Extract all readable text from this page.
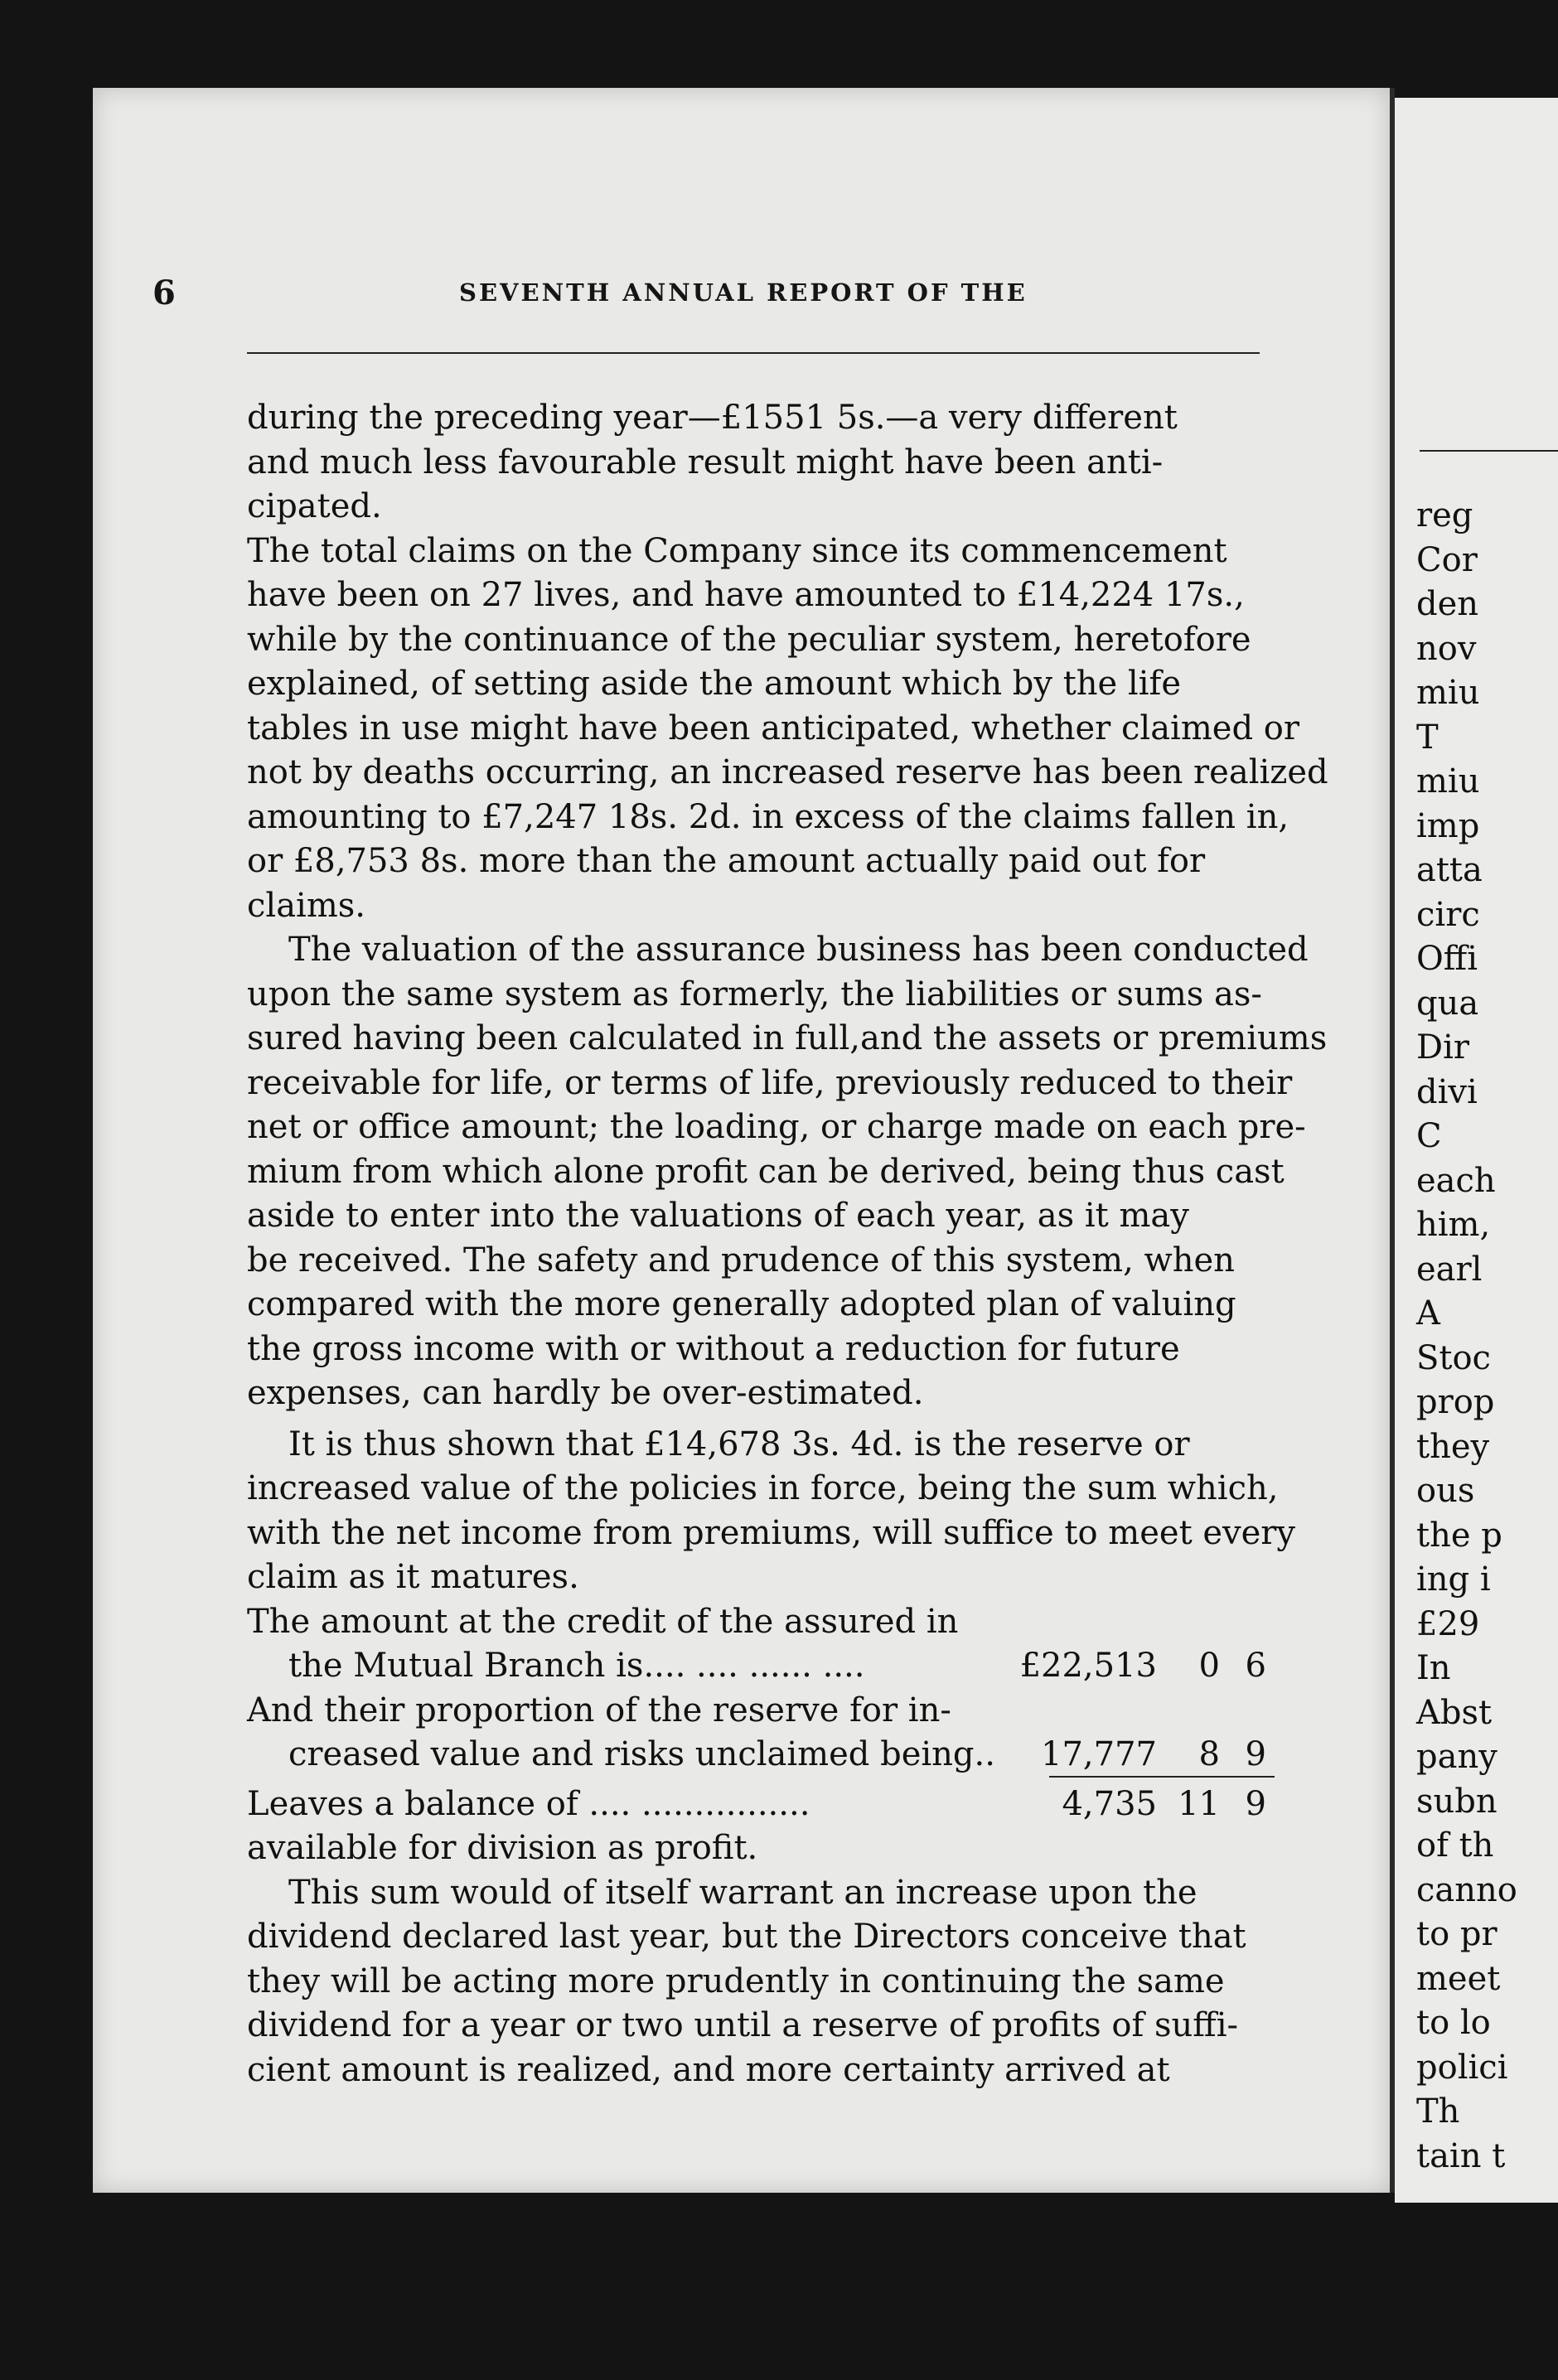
reg
Cor
den
nov
miu
T
miu
imp
atta
circ
Offi
qua
Dir
divi
C
each
him,
earl
A
Stoc
prop
they
ous
the p
ing i
£29
In
Abst
pany
subn
of th
canno
to pr
meet
to lo
polici
Th
tain t
6	SEVENTH ANNUAL REPORT OF THE
during the preceding year—£1551 5s.—a very different
and much less favourable result might have been anti-
cipated.
The total claims on the Company since its commencement
have been on 27 lives, and have amounted to £14,224 17s.,
while by the continuance of the peculiar system, heretofore
explained, of setting aside the amount which by the life
tables in use might have been anticipated, whether claimed or
not by deaths occurring, an increased reserve has been realized
amounting to £7,247 18s. 2d. in excess of the claims fallen in,
or £8,753 8s. more than the amount actually paid out for
claims.
The valuation of the assurance business has been conducted
upon the same system as formerly, the liabilities or sums as-
sured having been calculated in full,and the assets or premiums
receivable for life, or terms of life, previously reduced to their
net or office amount; the loading, or charge made on each pre-
mium from which alone profit can be derived, being thus cast
aside to enter into the valuations of each year, as it may
be received. The safety and prudence of this system, when
compared with the more generally adopted plan of valuing
the gross income with or without a reduction for future
expenses, can hardly be over-estimated.
It is thus shown that £14,678 3s. 4d. is the reserve or
increased value of the policies in force, being the sum which,
with the net income from premiums, will suffice to meet every
claim as it matures.
The amount at the credit of the assured in
the Mutual Branch is.... .... ...... ....	£22,513 0 6
And their proportion of the reserve for in-
creased value and risks unclaimed being.. 17,777 8 9
Leaves a balance of .... ................	4,735 11 9
available for division as profit.
This sum would of itself warrant an increase upon the
dividend declared last year, but the Directors conceive that
they will be acting more prudently in continuing the same
dividend for a year or two until a reserve of profits of suffi-
cient amount is realized, and more certainty arrived at
